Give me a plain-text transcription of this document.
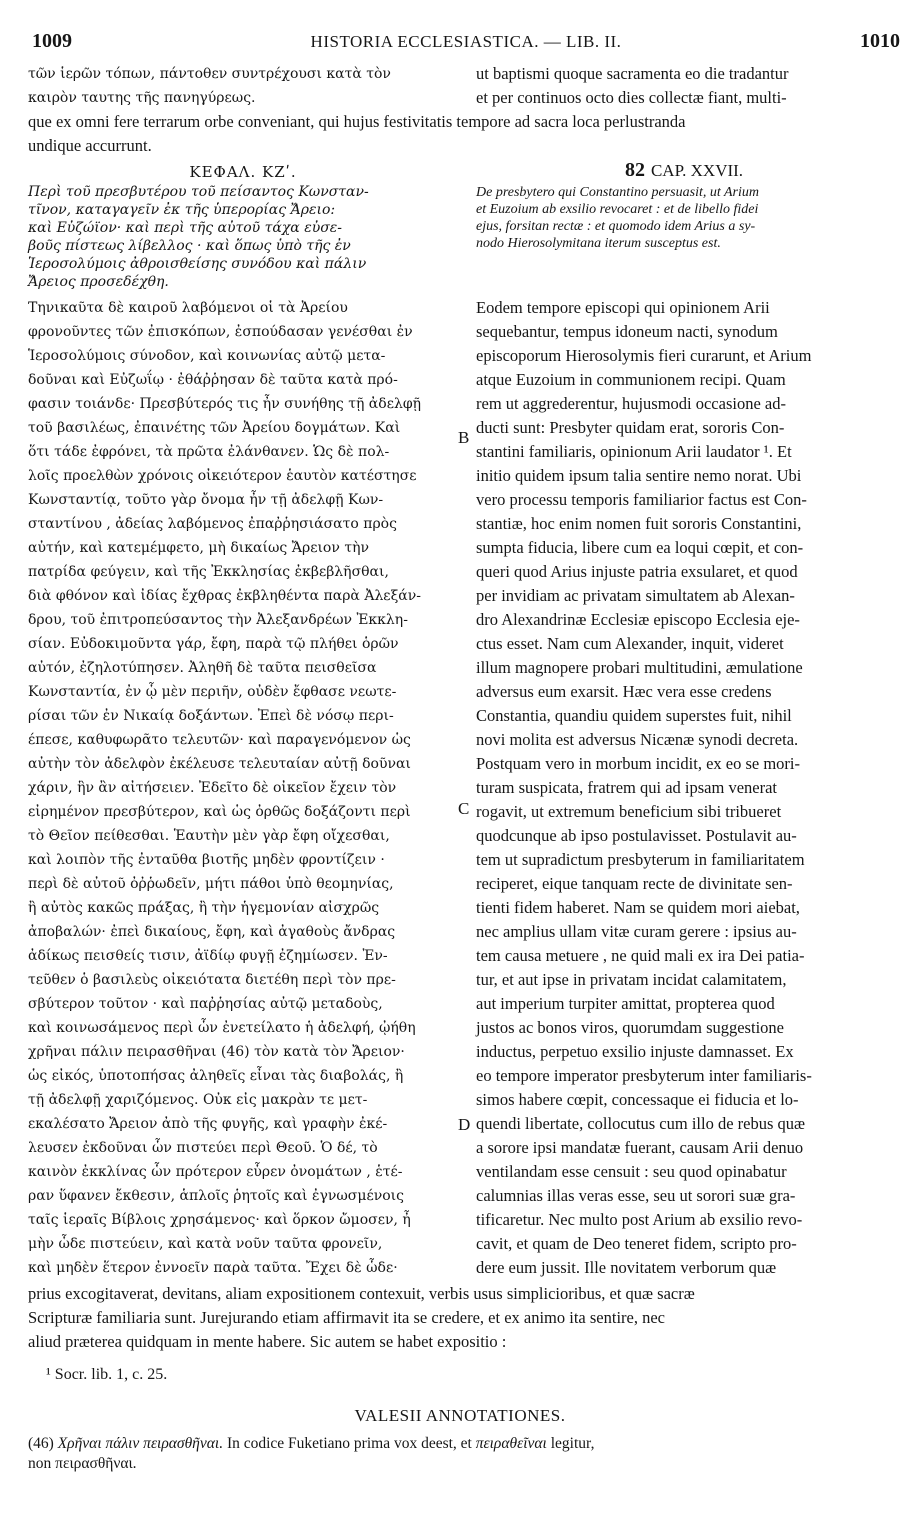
1009	HISTORIA ECCLESIASTICA. — LIB. II.	1010

τῶν ἱερῶν τόπων, πάντοθεν συντρέχουσι κατὰ τὸν

καιρὸν ταυτης τῆς πανηγύρεως.

ut baptismi quoque sacramenta eo die tradantur

et per continuos octo dies collectæ fiant, multi-

que ex omni fere terrarum orbe conveniant, qui hujus festivitatis tempore ad sacra loca perlustranda

undique accurrunt.

ΚΕΦΑΛ. ΚΖʹ.	82 CAP. XXVII.

Περὶ τοῦ πρεσβυτέρου τοῦ πείσαντος Κωνσταν-

τῖνον, καταγαγεῖν ἐκ τῆς ὑπερορίας Ἄρειο:

καὶ Εὐζώϊον· καὶ περὶ τῆς αὐτοῦ τάχα εὐσε-

βοῦς πίστεως λίβελλος · καὶ ὅπως ὑπὸ τῆς ἐν

Ἱεροσολύμοις ἀθροισθείσης συνόδου καὶ πάλιν

Ἄρειος προσεδέχθη.

De presbytero qui Constantino persuasit, ut Arium

et Euzoium ab exsilio revocaret : et de libello fidei

ejus, forsitan rectæ : et quomodo idem Arius a sy-

nodo Hierosolymitana iterum susceptus est.

Τηνικαῦτα δὲ καιροῦ λαβόμενοι οἱ τὰ Ἀρείου

φρονοῦντες τῶν ἐπισκόπων, ἐσπούδασαν γενέσθαι ἐν

Ἱεροσολύμοις σύνοδον, καὶ κοινωνίας αὐτῷ μετα-

δοῦναι καὶ Εὐζωΐῳ · ἐθάῤῥησαν δὲ ταῦτα κατὰ πρό-

φασιν τοιάνδε· Πρεσβύτερός τις ἦν συνήθης τῇ ἀδελφῇ

τοῦ βασιλέως, ἐπαινέτης τῶν Ἀρείου δογμάτων. Καὶ

ὅτι τάδε ἐφρόνει, τὰ πρῶτα ἐλάνθανεν. Ὡς δὲ πολ-

λοῖς προελθὼν χρόνοις οἰκειότερον ἑαυτὸν κατέστησε

Κωνσταντίᾳ, τοῦτο γὰρ ὄνομα ἦν τῇ ἀδελφῇ Κων-

σταντίνου , ἀδείας λαβόμενος ἐπαῤῥησιάσατο πρὸς

αὐτήν, καὶ κατεμέμφετο, μὴ δικαίως Ἄρειον τὴν

πατρίδα φεύγειν, καὶ τῆς Ἐκκλησίας ἐκβεβλῆσθαι,

διὰ φθόνον καὶ ἰδίας ἔχθρας ἐκβληθέντα παρὰ Ἀλεξάν-

δρου, τοῦ ἐπιτροπεύσαντος τὴν Ἀλεξανδρέων Ἐκκλη-

σίαν. Εὐδοκιμοῦντα γάρ, ἔφη, παρὰ τῷ πλήθει ὁρῶν

αὐτόν, ἐζηλοτύπησεν. Ἀληθῆ δὲ ταῦτα πεισθεῖσα

Κωνσταντία, ἐν ᾧ μὲν περιῆν, οὐδὲν ἔφθασε νεωτε-

ρίσαι τῶν ἐν Νικαίᾳ δοξάντων. Ἐπεὶ δὲ νόσῳ περι-

έπεσε, καθυφωρᾶτο τελευτῶν· καὶ παραγενόμενον ὡς

αὐτὴν τὸν ἀδελφὸν ἐκέλευσε τελευταίαν αὐτῇ δοῦναι

χάριν, ἣν ἂν αἰτήσειεν. Ἐδεῖτο δὲ οἰκεῖον ἔχειν τὸν

εἰρημένον πρεσβύτερον, καὶ ὡς ὀρθῶς δοξάζοντι περὶ

τὸ Θεῖον πείθεσθαι. Ἑαυτὴν μὲν γὰρ ἔφη οἴχεσθαι,

καὶ λοιπὸν τῆς ἐνταῦθα βιοτῆς μηδὲν φροντίζειν ·

περὶ δὲ αὐτοῦ ὀῤῥωδεῖν, μήτι πάθοι ὑπὸ θεομηνίας,

ἢ αὐτὸς κακῶς πράξας, ἢ τὴν ἡγεμονίαν αἰσχρῶς

ἀποβαλών· ἐπεὶ δικαίους, ἔφη, καὶ ἀγαθοὺς ἄνδρας

ἀδίκως πεισθείς τισιν, ἀϊδίῳ φυγῇ ἐζημίωσεν. Ἐν-

τεῦθεν ὁ βασιλεὺς οἰκειότατα διετέθη περὶ τὸν πρε-

σβύτερον τοῦτον · καὶ παῤῥησίας αὐτῷ μεταδοὺς,

καὶ κοινωσάμενος περὶ ὧν ἐνετείλατο ἡ ἀδελφή, ᾠήθη

χρῆναι πάλιν πειρασθῆναι (46) τὸν κατὰ τὸν Ἄρειον·

ὡς εἰκός, ὑποτοπήσας ἀληθεῖς εἶναι τὰς διαβολάς, ἢ

τῇ ἀδελφῇ χαριζόμενος. Οὐκ εἰς μακρὰν τε μετ-

εκαλέσατο Ἄρειον ἀπὸ τῆς φυγῆς, καὶ γραφὴν ἐκέ-

λευσεν ἐκδοῦναι ὧν πιστεύει περὶ Θεοῦ. Ὁ δέ, τὸ

καινὸν ἐκκλίνας ὧν πρότερον εὗρεν ὀνομάτων , ἑτέ-

ραν ὕφανεν ἔκθεσιν, ἁπλοῖς ῥητοῖς καὶ ἐγνωσμένοις

ταῖς ἱεραῖς Βίβλοις χρησάμενος· καὶ ὅρκον ὤμοσεν, ἦ

μὴν ὧδε πιστεύειν, καὶ κατὰ νοῦν ταῦτα φρονεῖν,

καὶ μηδὲν ἕτερον ἐννοεῖν παρὰ ταῦτα. Ἔχει δὲ ὧδε·

Eodem tempore episcopi qui opinionem Arii

sequebantur, tempus idoneum nacti, synodum

episcoporum Hierosolymis fieri curarunt, et Arium

atque Euzoium in communionem recipi. Quam

rem ut aggrederentur, hujusmodi occasione ad-

ducti sunt: Presbyter quidam erat, sororis Con-

stantini familiaris, opinionum Arii laudator ¹. Et

initio quidem ipsum talia sentire nemo norat. Ubi

vero processu temporis familiarior factus est Con-

stantiæ, hoc enim nomen fuit sororis Constantini,

sumpta fiducia, libere cum ea loqui cœpit, et con-

queri quod Arius injuste patria exsularet, et quod

per invidiam ac privatam simultatem ab Alexan-

dro Alexandrinæ Ecclesiæ episcopo Ecclesia eje-

ctus esset. Nam cum Alexander, inquit, videret

illum magnopere probari multitudini, æmulatione

adversus eum exarsit. Hæc vera esse credens

Constantia, quandiu quidem superstes fuit, nihil

novi molita est adversus Nicænæ synodi decreta.

Postquam vero in morbum incidit, ex eo se mori-

turam suspicata, fratrem qui ad ipsam venerat

rogavit, ut extremum beneficium sibi tribueret

quodcunque ab ipso postulavisset. Postulavit au-

tem ut supradictum presbyterum in familiaritatem

reciperet, eique tanquam recte de divinitate sen-

tienti fidem haberet. Nam se quidem mori aiebat,

nec amplius ullam vitæ curam gerere : ipsius au-

tem causa metuere , ne quid mali ex ira Dei patia-

tur, et aut ipse in privatam incidat calamitatem,

aut imperium turpiter amittat, propterea quod

justos ac bonos viros, quorumdam suggestione

inductus, perpetuo exsilio injuste damnasset. Ex

eo tempore imperator presbyterum inter familiaris-

simos habere cœpit, concessaque ei fiducia et lo-

quendi libertate, collocutus cum illo de rebus quæ

a sorore ipsi mandatæ fuerant, causam Arii denuo

ventilandam esse censuit : seu quod opinabatur

calumnias illas veras esse, seu ut sorori suæ gra-

tificaretur. Nec multo post Arium ab exsilio revo-

cavit, et quam de Deo teneret fidem, scripto pro-

dere eum jussit. Ille novitatem verborum quæ

B
C
D

prius excogitaverat, devitans, aliam expositionem contexuit, verbis usus simplicioribus, et quæ sacræ

Scripturæ familiaria sunt. Jurejurando etiam affirmavit ita se credere, et ex animo ita sentire, nec

aliud præterea quidquam in mente habere. Sic autem se habet expositio :

¹ Socr. lib. 1, c. 25.
VALESII ANNOTATIONES.
(46) Χρῆναι πάλιν πειρασθῆναι. In codice Fuketiano prima vox deest, et πειραθεῖναι legitur,
non πειρασθῆναι.
